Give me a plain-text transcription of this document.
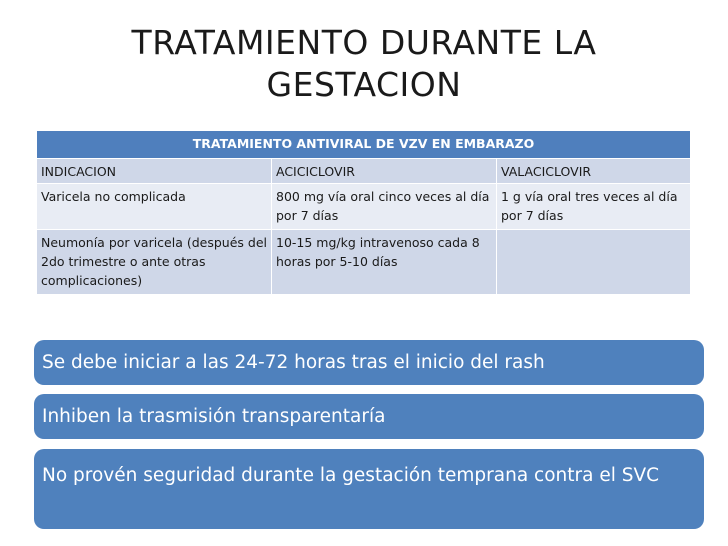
TRATAMIENTO DURANTE LA
GESTACION
TRATAMIENTO ANTIVIRAL DE VZV EN EMBARAZO		
INDICACION	ACICICLOVIR	VALACICLOVIR
Varicela no complicada	800 mg vía oral cinco veces al día por 7 días	1 g vía oral tres veces al día por 7 días
Neumonía por varicela (después del 2do trimestre o ante otras complicaciones)	10-15 mg/kg intravenoso cada 8 horas por 5-10 días	
Se debe iniciar a las 24-72 horas tras el inicio del rash
Inhiben la trasmisión transparentaría
No provén seguridad durante la gestación temprana contra el SVC
